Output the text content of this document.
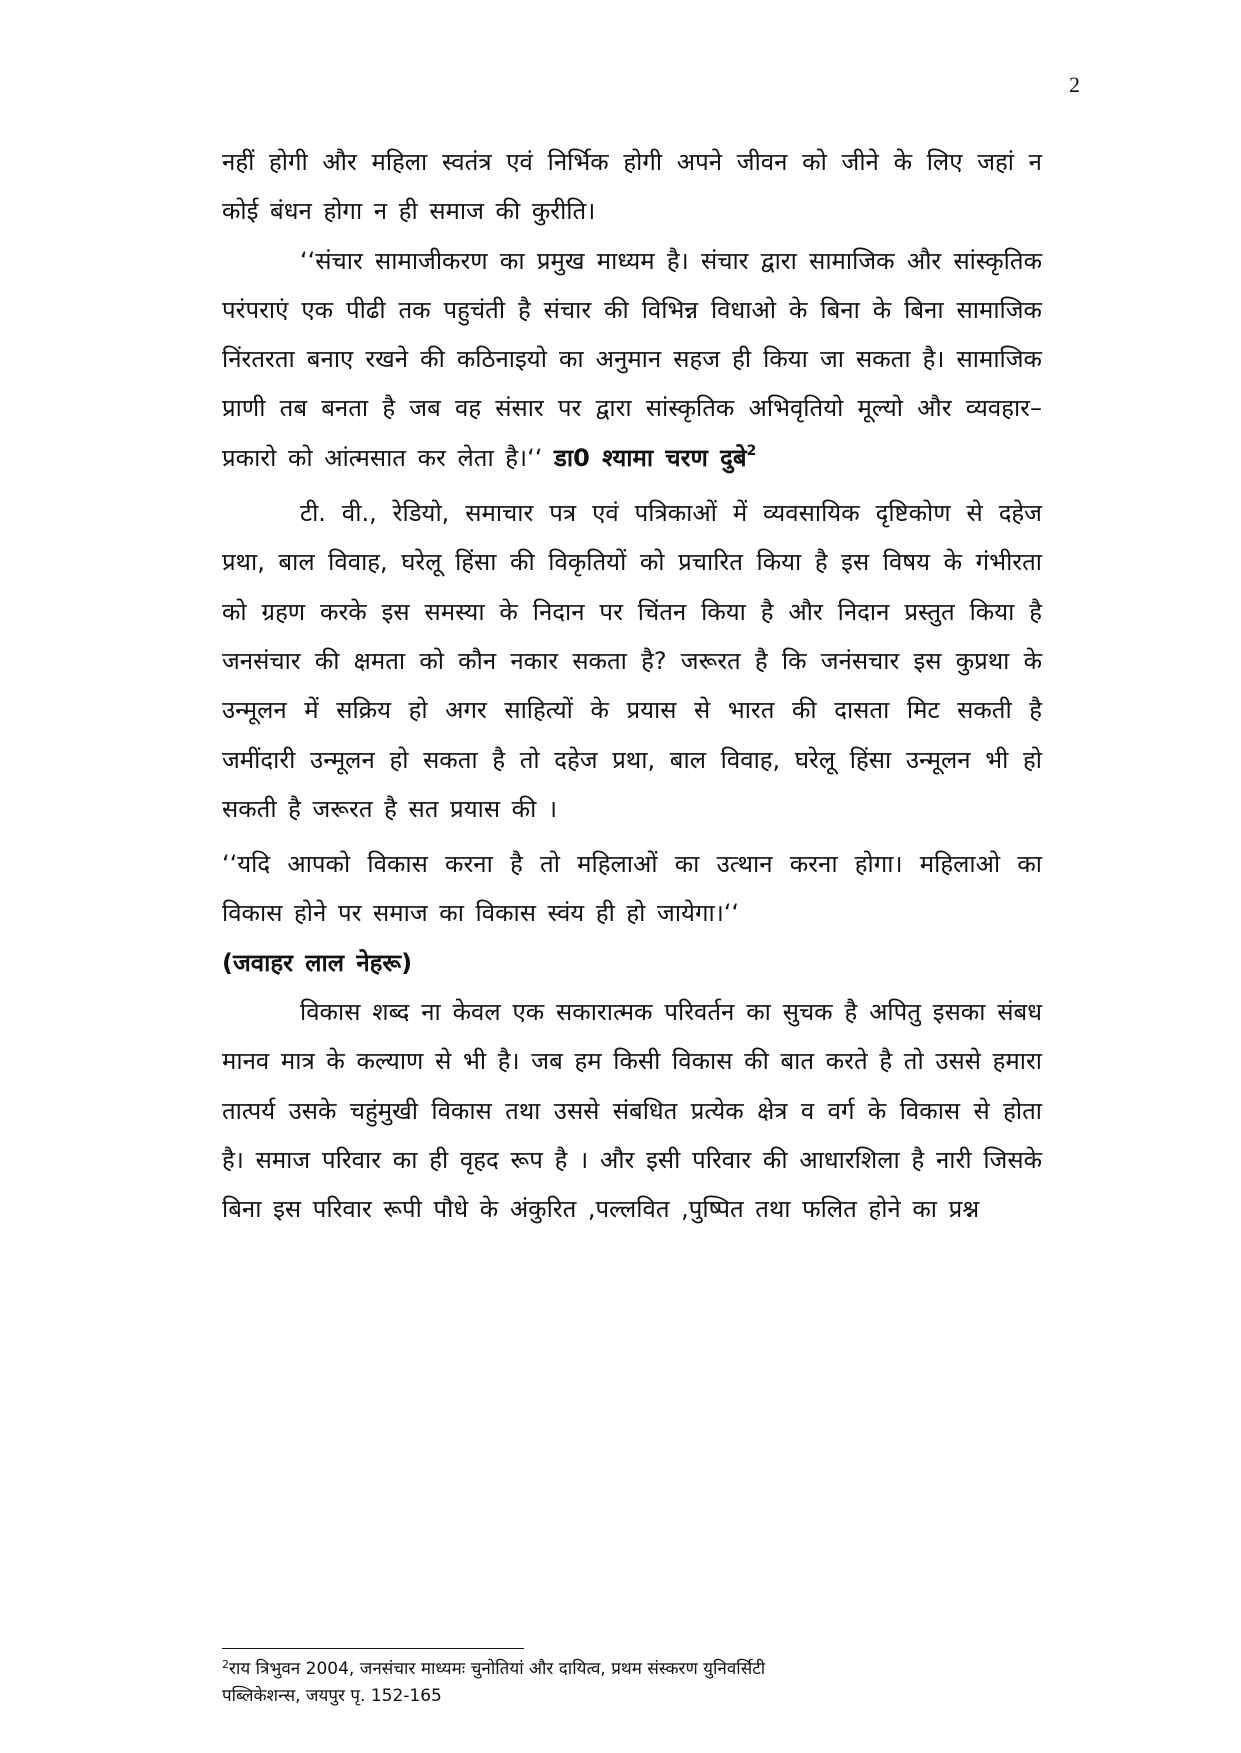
2

नहीं होगी और महिला स्वतंत्र एवं निर्भिक होगी अपने जीवन को जीने के लिए जहां न कोई बंधन होगा न ही समाज की कुरीति।

‘‘संचार सामाजीकरण का प्रमुख माध्यम है। संचार द्वारा सामाजिक और सांस्कृतिक परंपराएं एक पीढी तक पहुचंती है संचार की विभिन्न विधाओ के बिना के बिना सामाजिक निंरतरता बनाए रखने की कठिनाइयो का अनुमान सहज ही किया जा सकता है। सामाजिक प्राणी तब बनता है जब वह संसार पर द्वारा सांस्कृतिक अभिवृतियो मूल्यो और व्यवहार– प्रकारो को आंत्मसात कर लेता है।‘‘ डा0 श्यामा चरण दुबे$^2$

टी. वी., रेडियो, समाचार पत्र एवं पत्रिकाओं में व्यवसायिक दृष्टिकोण से दहेज प्रथा, बाल विवाह, घरेलू हिंसा की विकृतियों को प्रचारित किया है इस विषय के गंभीरता को ग्रहण करके इस समस्या के निदान पर चिंतन किया है और निदान प्रस्तुत किया है जनसंचार की क्षमता को कौन नकार सकता है? जरूरत है कि जनंसचार इस कुप्रथा के उन्मूलन में सक्रिय हो अगर साहित्यों के प्रयास से भारत की दासता मिट सकती है जमींदारी उन्मूलन हो सकता है तो दहेज प्रथा, बाल विवाह, घरेलू हिंसा उन्मूलन भी हो सकती है जरूरत है सत प्रयास की ।

‘‘यदि आपको विकास करना है तो महिलाओं का उत्थान करना होगा। महिलाओ का विकास होने पर समाज का विकास स्वंय ही हो जायेगा।‘‘
(जवाहर लाल नेहरू)

विकास शब्द ना केवल एक सकारात्मक परिवर्तन का सुचक है अपितु इसका संबध मानव मात्र के कल्याण से भी है। जब हम किसी विकास की बात करते है तो उससे हमारा तात्पर्य उसके चहुंमुखी विकास तथा उससे संबधित प्रत्येक क्षेत्र व वर्ग के विकास से होता है। समाज परिवार का ही वृहद रूप है । और इसी परिवार की आधारशिला है नारी जिसके बिना इस परिवार रूपी पौधे के अंकुरित ,पल्लवित ,पुष्पित तथा फलित होने का प्रश्न

$^2$राय त्रिभुवन 2004, जनसंचार माध्यमः चुनोतियां और दायित्व, प्रथम संस्करण युनिवर्सिटी

पब्लिकेशन्स, जयपुर पृ. 152-165
